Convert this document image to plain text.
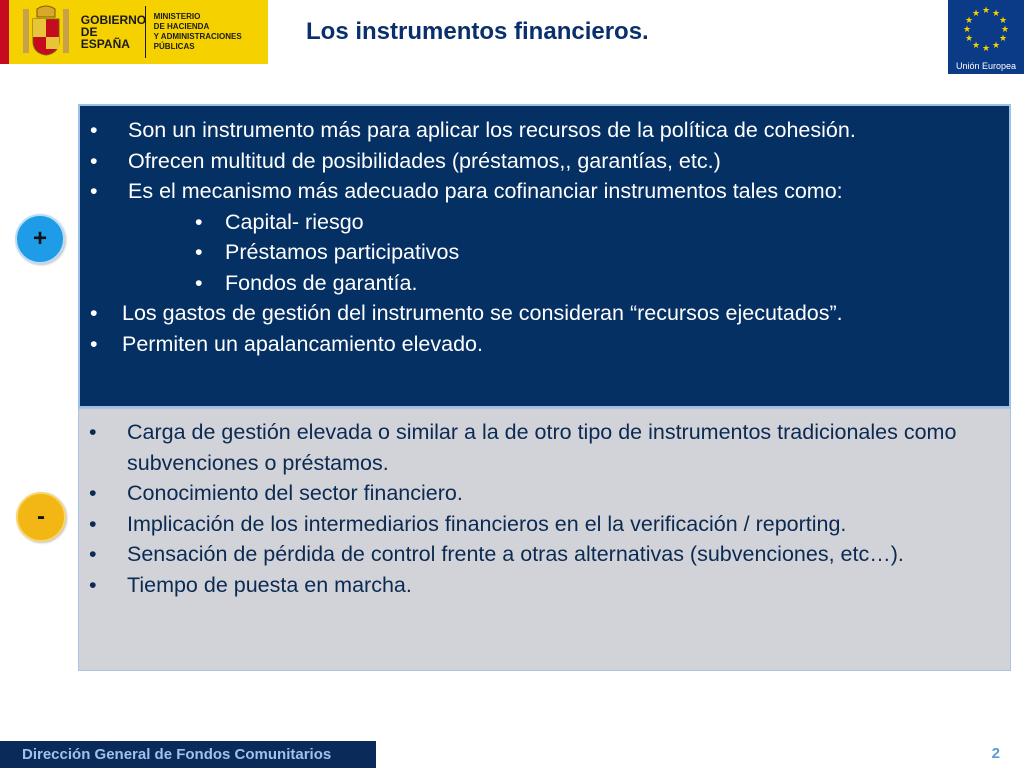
GOBIERNO
DE ESPAÑA
MINISTERIO
DE HACIENDA
Y ADMINISTRACIONES PÚBLICAS
Los instrumentos financieros.
★ ★
★
★
★
★
★
★
★
★
★
★
Unión Europea
• Son un instrumento más para aplicar los recursos de la política de cohesión.
• Ofrecen multitud de posibilidades (préstamos,, garantías, etc.)
• Es el mecanismo más adecuado para cofinanciar instrumentos tales como:
• Capital- riesgo
• Préstamos participativos
• Fondos de garantía.
• Los gastos de gestión del instrumento se consideran “recursos ejecutados”.
• Permiten un apalancamiento elevado.
• Carga de gestión elevada o similar a la de otro tipo de instrumentos tradicionales como subvenciones o préstamos.
• Conocimiento del sector financiero.
• Implicación de los intermediarios financieros en el la verificación / reporting.
• Sensación de pérdida de control frente a otras alternativas (subvenciones, etc…).
• Tiempo de puesta en marcha.
+
-
Dirección General de Fondos Comunitarios	2
